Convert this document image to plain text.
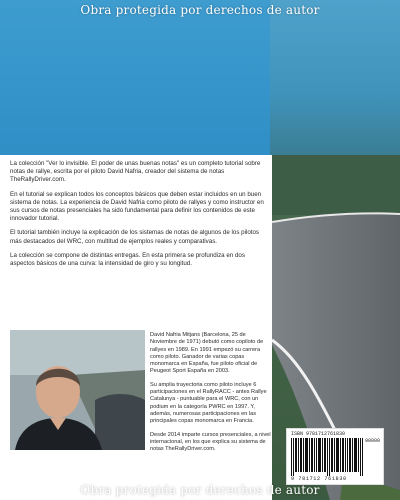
Obra protegida por derechos de autor

La colección "Ver lo invisible. El poder de unas buenas notas" es un completo tutorial sobre notas de rallye, escrita por el piloto David Nafria, creador del sistema de notas TheRallyDriver.com.

En el tutorial se explican todos los conceptos básicos que deben estar incluidos en un buen sistema de notas. La experiencia de David Nafria como piloto de rallyes y como instructor en sus cursos de notas presenciales ha sido fundamental para definir los contenidos de este innovador tutorial.

El tutorial también incluye la explicación de los sistemas de notas de algunos de los pilotos más destacados del WRC, con multitud de ejemplos reales y comparativas.

La colección se compone de distintas entregas. En esta primera se profundiza en dos aspectos básicos de una curva: la intensidad de giro y su longitud.

David Nafria Mitjans (Barcelona, 25 de Noviembre de 1971) debutó como copiloto de rallyes en 1989. En 1991 empezó su carrera como piloto. Ganador de varias copas monomarca en España, fue piloto oficial de Peugeot Sport España en 2003.

Su amplia trayectoria como piloto incluye 6 participaciones en el RallyRACC - antes Rallye Catalunya - puntuable para el WRC, con un podium en la categoría PWRC en 1997. Y, además, numerosas participaciones en las principales copas monomarca en Francia.

Desde 2014 imparte cursos presenciales, a nivel internacional, en los que explica su sistema de notas TheRallyDriver.com.

ISBN 9781712761830
90000
9 781712 761830
Obra protegida por derechos de autor
